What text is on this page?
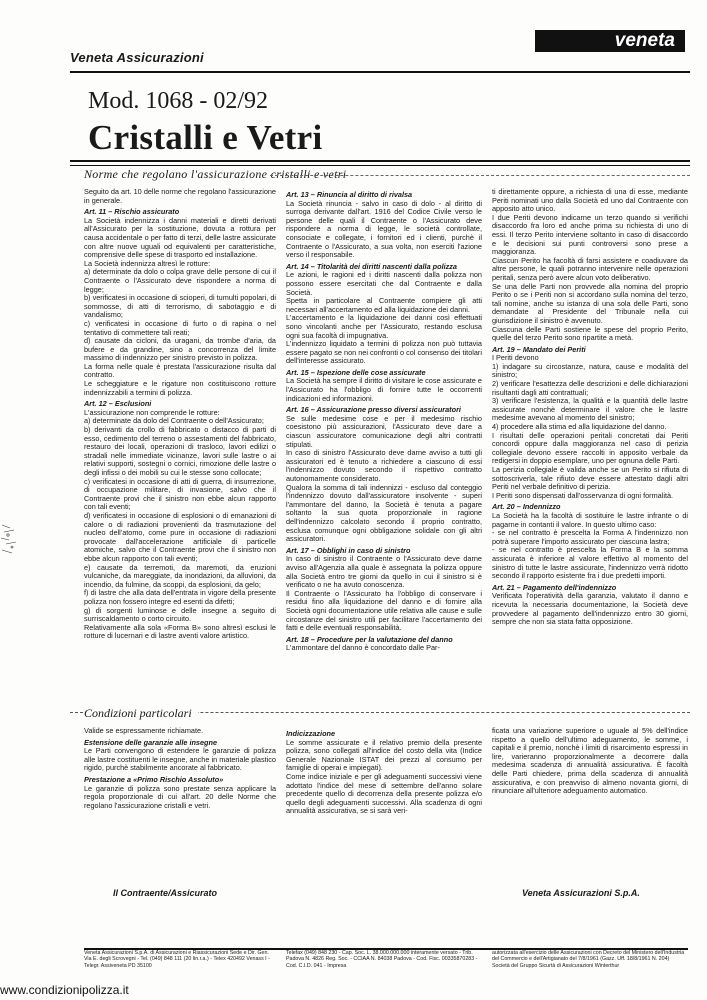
Veneta Assicurazioni
veneta
Mod. 1068 - 02/92
Cristalli e Vetri
Norme che regolano l'assicurazione cristalli e vetri

Seguito da art. 10 delle norme che regolano l'assicurazione in generale.

Art. 11 – Rischio assicurato

La Società indennizza i danni materiali e diretti derivati all'Assicurato per la sostituzione, dovuta a rottura per causa accidentale o per fatto di terzi, delle lastre assicurate con altre nuove uguali od equivalenti per caratteristiche, comprensive delle spese di trasporto ed installazione.

La Società indennizza altresì le rotture:

a) determinate da dolo o colpa grave delle persone di cui il Contraente o l'Assicurato deve rispondere a norma di legge;

b) verificatesi in occasione di scioperi, di tumulti popolari, di sommosse, di atti di terrorismo, di sabotaggio e di vandalismo;

c) verificatesi in occasione di furto o di rapina o nel tentativo di commettere tali reati;

d) causate da cicloni, da uragani, da trombe d'aria, da bufere e da grandine, sino a concorrenza del limite massimo di indennizzo per sinistro previsto in polizza.

La forma nelle quale è prestata l'assicurazione risulta dal contratto.

Le scheggiature e le rigature non costituiscono rotture indennizzabili a termini di polizza.

Art. 12 – Esclusioni

L'assicurazione non comprende le rotture:

a) determinate da dolo del Contraente o dell'Assicurato;

b) derivanti da crollo di fabbricato o distacco di parti di esso, cedimento del terreno o assestamenti del fabbricato, restauro dei locali, operazioni di trasloco, lavori edilizi o stradali nelle immediate vicinanze, lavori sulle lastre o ai relativi supporti, sostegni o cornici, rimozione delle lastre o degli infissi o dei mobili su cui le stesse sono collocate;

c) verificatesi in occasione di atti di guerra, di insurrezione, di occupazione militare, di invasione, salvo che il Contraente provi che il sinistro non ebbe alcun rapporto con tali eventi;

d) verificatesi in occasione di esplosioni o di emanazioni di calore o di radiazioni provenienti da trasmutazione del nucleo dell'atomo, come pure in occasione di radiazioni provocate dall'accelerazione artificiale di particelle atomiche, salvo che il Contraente provi che il sinistro non ebbe alcun rapporto con tali eventi;

e) causate da terremoti, da maremoti, da eruzioni vulcaniche, da mareggiate, da inondazioni, da alluvioni, da incendio, da fulmine, da scoppi, da esplosioni, da gelo;

f) di lastre che alla data dell'entrata in vigore della presente polizza non fossero integre ed esenti da difetti;

g) di sorgenti luminose e delle insegne a seguito di surriscaldamento o corto circuito.

Relativamente alla sola «Forma B» sono altresì esclusi le rotture di lucernari e di lastre aventi valore artistico.

Art. 13 – Rinuncia al diritto di rivalsa

La Società rinuncia - salvo in caso di dolo - al diritto di surroga derivante dall'art. 1916 del Codice Civile verso le persone delle quali il Contraente o l'Assicurato deve rispondere a norma di legge, le società controllate, consociate e collegate, i fornitori ed i clienti, purchè il Contraente o l'Assicurato, a sua volta, non eserciti l'azione verso il responsabile.

Art. 14 – Titolarità dei diritti nascenti dalla polizza

Le azioni, le ragioni ed i diritti nascenti dalla polizza non possono essere esercitati che dal Contraente e dalla Società.

Spetta in particolare al Contraente compiere gli atti necessari all'accertamento ed alla liquidazione dei danni.

L'accertamento e la liquidazione dei danni così effettuati sono vincolanti anche per l'Assicurato, restando esclusa ogni sua facoltà di impugnativa.

L'indennizzo liquidato a termini di polizza non può tuttavia essere pagato se non nei confronti o col consenso dei titolari dell'interesse assicurato.

Art. 15 – Ispezione delle cose assicurate

La Società ha sempre il diritto di visitare le cose assicurate e l'Assicurato ha l'obbligo di fornire tutte le occorrenti indicazioni ed informazioni.

Art. 16 – Assicurazione presso diversi assicuratori

Se sulle medesime cose e per il medesimo rischio coesistono più assicurazioni, l'Assicurato deve dare a ciascun assicuratore comunicazione degli altri contratti stipulati.

In caso di sinistro l'Assicurato deve darne avviso a tutti gli assicuratori ed è tenuto a richiedere a ciascuno di essi l'indennizzo dovuto secondo il rispettivo contratto autonomamente considerato.

Qualora la somma di tali indennizzi - escluso dal conteggio l'indennizzo dovuto dall'assicuratore insolvente - superi l'ammontare del danno, la Società è tenuta a pagare soltanto la sua quota proporzionale in ragione dell'indennizzo calcolato secondo il proprio contratto, esclusa comunque ogni obbligazione solidale con gli altri assicuratori.

Art. 17 – Obblighi in caso di sinistro

In caso di sinistro il Contraente o l'Assicurato deve darne avviso all'Agenzia alla quale è assegnata la polizza oppure alla Società entro tre giorni da quello in cui il sinistro si è verificato o ne ha avuto conoscenza.

Il Contraente o l'Assicurato ha l'obbligo di conservare i residui fino alla liquidazione del danno e di fornire alla Società ogni documentazione utile relativa alle cause e sulle circostanze del sinistro utili per facilitare l'accertamento dei fatti e delle eventuali responsabilità.

Art. 18 – Procedure per la valutazione del danno

L'ammontare del danno è concordato dalle Par-

ti direttamente oppure, a richiesta di una di esse, mediante Periti nominati uno dalla Società ed uno dal Contraente con apposito atto unico.

I due Periti devono indicarne un terzo quando si verifichi disaccordo fra loro ed anche prima su richiesta di uno di essi. Il terzo Perito interviene soltanto in caso di disaccordo e le decisioni sui punti controversi sono prese a maggioranza.

Ciascun Perito ha facoltà di farsi assistere e coadiuvare da altre persone, le quali potranno intervenire nelle operazioni peritali, senza però avere alcun voto deliberativo.

Se una delle Parti non provvede alla nomina del proprio Perito o se i Periti non si accordano sulla nomina del terzo, tali nomine, anche su istanza di una sola delle Parti, sono demandate al Presidente del Tribunale nella cui giurisdizione il sinistro è avvenuto.

Ciascuna delle Parti sostiene le spese del proprio Perito, quelle del terzo Perito sono ripartite a metà.

Art. 19 – Mandato dei Periti

I Periti devono

1) indagare su circostanze, natura, cause e modalità del sinistro;

2) verificare l'esattezza delle descrizioni e delle dichiarazioni risultanti dagli atti contrattuali;

3) verificare l'esistenza, la qualità e la quantità delle lastre assicurate nonchè determinare il valore che le lastre medesime avevano al momento del sinistro;

4) procedere alla stima ed alla liquidazione del danno.

I risultati delle operazioni peritali concretati dai Periti concordi oppure dalla maggioranza nel caso di perizia collegiale devono essere raccolti in apposito verbale da redigersi in doppio esemplare, uno per ognuna delle Parti.

La perizia collegiale è valida anche se un Perito si rifiuta di sottoscriverla, tale rifiuto deve essere attestato dagli altri Periti nel verbale definitivo di perizia.

I Periti sono dispensati dall'osservanza di ogni formalità.

Art. 20 – Indennizzo

La Società ha la facoltà di sostituire le lastre infrante o di pagarne in contanti il valore. In questo ultimo caso:

- se nel contratto è prescelta la Forma A l'indennizzo non potrà superare l'importo assicurato per ciascuna lastra;

- se nel contratto è prescelta la Forma B e la somma assicurata è inferiore al valore effettivo al momento del sinistro di tutte le lastre assicurate, l'indennizzo verrà ridotto secondo il rapporto esistente fra i due predetti importi.

Art. 21 – Pagamento dell'indennizzo

Verificata l'operatività della garanzia, valutato il danno e ricevuta la necessaria documentazione, la Società deve provvedere al pagamento dell'indennizzo entro 30 giorni, sempre che non sia stata fatta opposizione.

Condizioni particolari

Valide se espressamente richiamate.

Estensione delle garanzie alle insegne

Le Parti convengono di estendere le garanzie di polizza alle lastre costituenti le insegne, anche in materiale plastico rigido, purchè stabilmente ancorate al fabbricato.

Prestazione a «Primo Rischio Assoluto»

Le garanzie di polizza sono prestate senza applicare la regola proporzionale di cui all'art. 20 delle Norme che regolano l'assicurazione cristalli e vetri.

Indicizzazione

Le somme assicurate e il relativo premio della presente polizza, sono collegati all'indice del costo della vita (Indice Generale Nazionale ISTAT dei prezzi al consumo per famiglie di operai e impiegati).

Come indice iniziale e per gli adeguamenti successivi viene adottato l'indice del mese di settembre dell'anno solare precedente quello di decorrenza della presente polizza e/o quello degli adeguamenti successivi. Alla scadenza di ogni annualità assicurativa, se si sarà veri-

ficata una variazione superiore o uguale al 5% dell'indice rispetto a quello dell'ultimo adeguamento, le somme, i capitali e il premio, nonchè i limiti di risarcimento espressi in lire, varieranno proporzionalmente a decorrere dalla medesima scadenza di annualità assicurativa. È facoltà delle Parti chiedere, prima della scadenza di annualità assicurativa, e con preavviso di almeno novanta giorni, di rinunciare all'ulteriore adeguamento automatico.

Il Contraente/Assicurato	Veneta Assicurazioni S.p.A.
Veneta Assicurazioni S.p.A. di Assicurazioni e Riassicurazioni Sede e Dir. Gen. Via E. degli Scrovegni - Tel. (049) 848 111 (20 lin.r.a.) - Telex 420492 Venass I - Telegr. Assiveneta PD 35100
Telefax (049) 848 230 - Cap. Soc. L. 38.000.000.000 interamente versato - Trib. Padova N. 4826 Reg. Soc. - CCIAA N. 84038 Padova - Cod. Fisc. 00335870283 - Cod. C.I.D. 041 - Impresa
autorizzata all'esercizio delle Assicurazioni con Decreto del Ministero dell'Industria del Commercio e dell'Artigianato del 7/8/1961 (Gazz. Uff. 18/8/1961 N. 204) Società del Gruppo Sicurtà di Assicurazioni Winterthur
www.condizionipolizza.it
